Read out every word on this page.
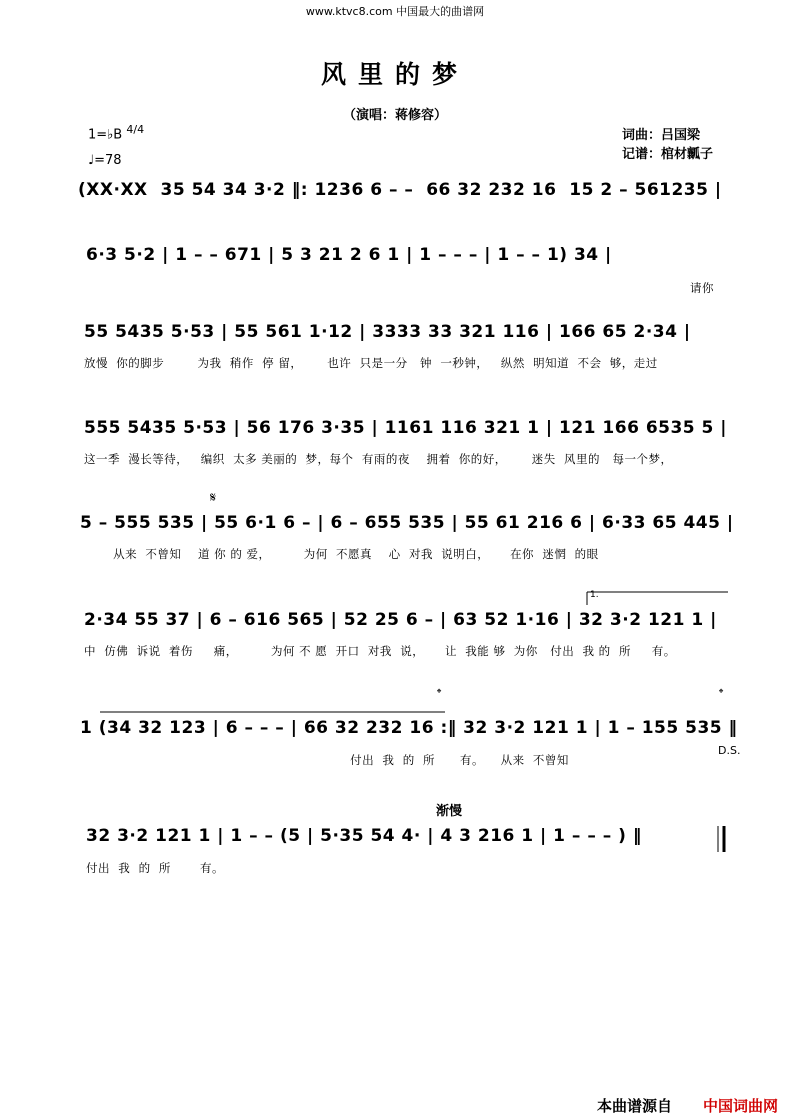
www.ktvc8.com 中国最大的曲谱网
风里的梦
（演唱：蒋修容）
词曲：吕国梁
记谱：棺材瓤子
1=♭B $^{4/4}$
♩=78
(XX·XX  35 54 34 3·2 ‖: 1236 6 – –  66 32 232 16  15 2 – 561235 |
6·3 5·2 | 1 – – 671 | 5 3 21 2 6 1 | 1 – – – | 1 – – 1) 34 |
请你
55 5435 5·53 | 55 561 1·12 | 3333 33 321 116 | 166 65 2·34 |
放慢  你的脚步        为我  稍作  停 留，      也许  只是一分   钟  一秒钟，   纵然  明知道  不会  够，走过
555 5435 5·53 | 56 176 3·35 | 1161 116 321 1 | 121 166 6535 5 |
这一季  漫长等待，   编织  太多 美丽的  梦，每个  有雨的夜    拥着  你的好，      迷失  风里的   每一个梦，
𝄋
5 – 555 535 | 55 6·1 6 – | 6 – 655 535 | 55 61 216 6 | 6·33 65 445 |
从来  不曾知    道 你 的 爱，        为何  不愿真    心  对我  说明白，     在你  迷惘  的眼
1.
2·34 55 37 | 6 – 616 565 | 52 25 6 – | 63 52 1·16 | 32 3·2 121 1 |
中  仿佛  诉说  着伤     痛，        为何 不 愿  开口  对我  说，     让  我能 够  为你   付出  我 的  所     有。
𝄌	𝄌
1 (34 32 123 | 6 – – – | 66 32 232 16 :‖ 32 3·2 121 1 | 1 – 155 535 ‖
付出  我  的  所      有。    从来  不曾知
D.S.
渐慢
32 3·2 121 1 | 1 – – (5 | 5·35 54 4· | 4 3 216 1 | 1 – – – ) ‖
付出  我  的  所       有。
本曲谱源自 中国词曲网
